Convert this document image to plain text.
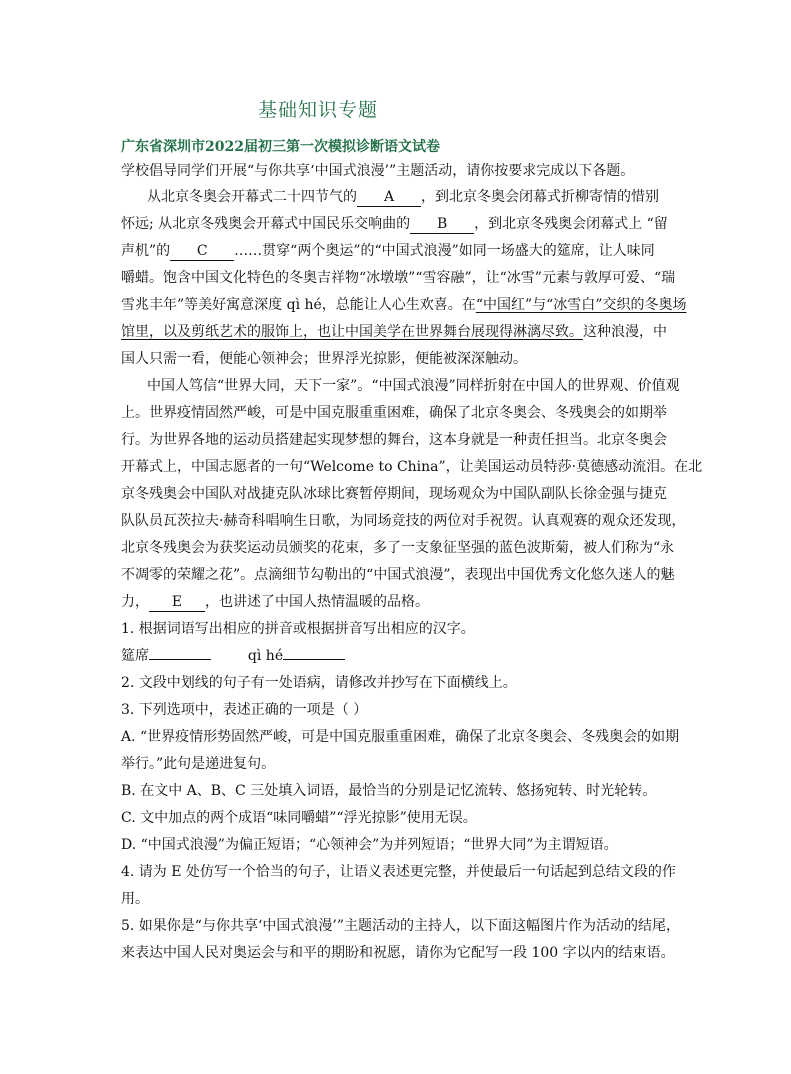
基础知识专题
广东省深圳市2022届初三第一次模拟诊断语文试卷
学校倡导同学们开展“与你共享‘中国式浪漫’”主题活动，请你按要求完成以下各题。
从北京冬奥会开幕式二十四节气的 A ，到北京冬奥会闭幕式折柳寄情的惜别
怀远; 从北京冬残奥会开幕式中国民乐交响曲的 B ，到北京冬残奥会闭幕式上 “留
声机”的 C ……贯穿“两个奥运”的“中国式浪漫”如同一场盛大的筵席，让人味同
嚼蜡。饱含中国文化特色的冬奥吉祥物“冰墩墩”“雪容融”，让“冰雪”元素与敦厚可爱、“瑞
雪兆丰年”等美好寓意深度 qì hé，总能让人心生欢喜。在“中国红”与“冰雪白”交织的冬奥场
馆里，以及剪纸艺术的服饰上，也让中国美学在世界舞台展现得淋漓尽致。这种浪漫，中
国人只需一看，便能心领神会；世界浮光掠影，便能被深深触动。
中国人笃信“世界大同，天下一家”。“中国式浪漫”同样折射在中国人的世界观、价值观
上。世界疫情固然严峻，可是中国克服重重困难，确保了北京冬奥会、冬残奥会的如期举
行。为世界各地的运动员搭建起实现梦想的舞台，这本身就是一种责任担当。北京冬奥会
开幕式上，中国志愿者的一句“Welcome to China”，让美国运动员特莎·莫德感动流泪。在北
京冬残奥会中国队对战捷克队冰球比赛暂停期间，现场观众为中国队副队长徐金强与捷克
队队员瓦茨拉夫·赫奇科唱响生日歌，为同场竞技的两位对手祝贺。认真观赛的观众还发现，
北京冬残奥会为获奖运动员颁奖的花束，多了一支象征坚强的蓝色波斯菊，被人们称为“永
不凋零的荣耀之花”。点滴细节勾勒出的“中国式浪漫”，表现出中国优秀文化悠久迷人的魅
力， E ，也讲述了中国人热情温暖的品格。
1. 根据词语写出相应的拼音或根据拼音写出相应的汉字。
筵席	qì hé
2. 文段中划线的句子有一处语病，请修改并抄写在下面横线上。
3. 下列选项中，表述正确的一项是（ ）
A. “世界疫情形势固然严峻，可是中国克服重重困难，确保了北京冬奥会、冬残奥会的如期
举行。”此句是递进复句。
B. 在文中 A、B、C 三处填入词语，最恰当的分别是记忆流转、悠扬宛转、时光轮转。
C. 文中加点的两个成语“味同嚼蜡”“浮光掠影”使用无误。
D. “中国式浪漫”为偏正短语；“心领神会”为并列短语；“世界大同”为主谓短语。
4. 请为 E 处仿写一个恰当的句子，让语义表述更完整，并使最后一句话起到总结文段的作
用。
5. 如果你是“与你共享‘中国式浪漫’”主题活动的主持人，以下面这幅图片作为活动的结尾，
来表达中国人民对奥运会与和平的期盼和祝愿，请你为它配写一段 100 字以内的结束语。
